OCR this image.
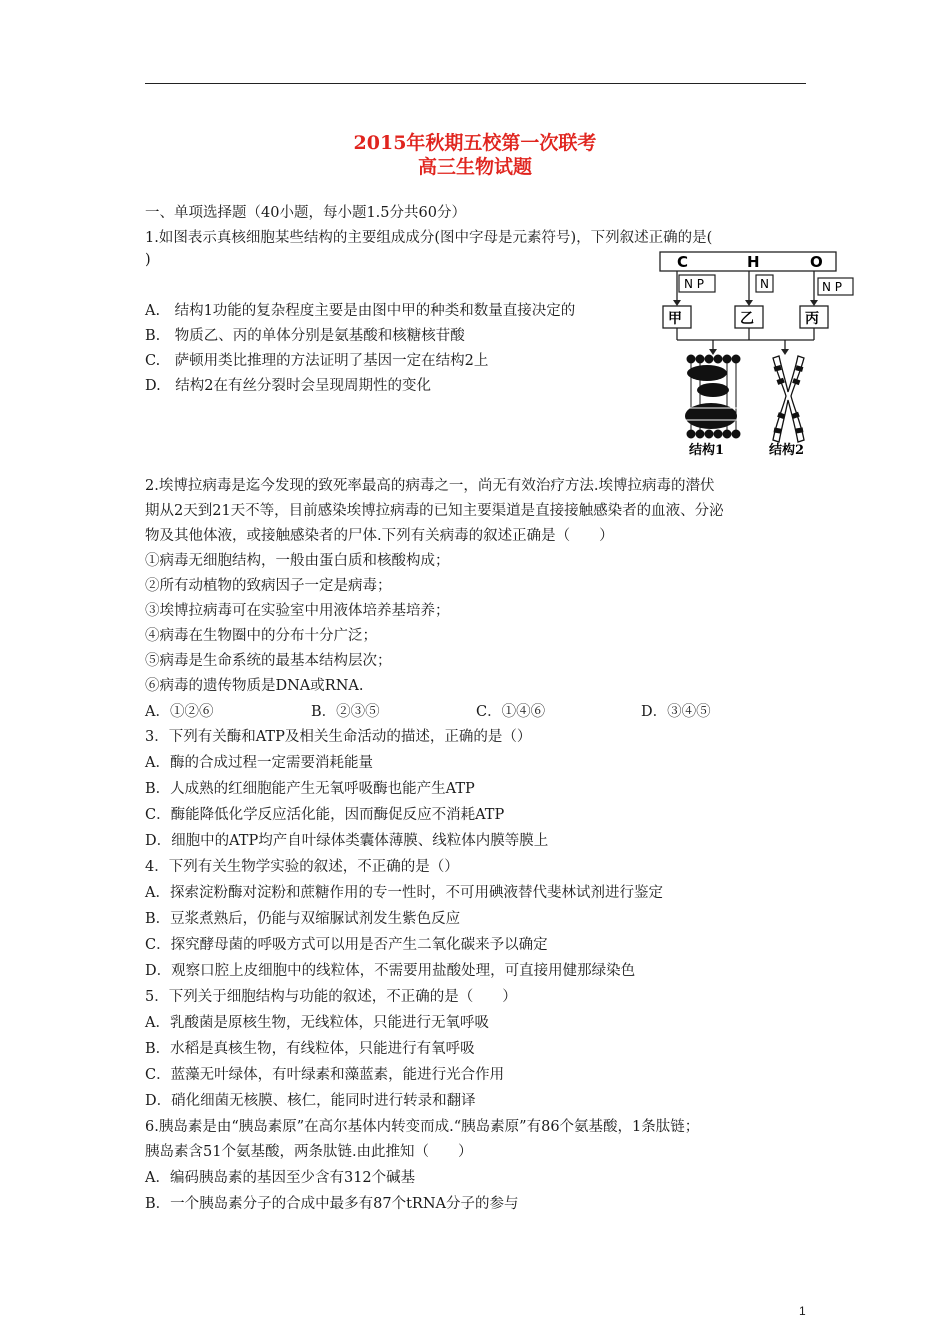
2015年秋期五校第一次联考
高三生物试题
一、单项选择题（40小题，每小题1.5分共60分）
1.如图表示真核细胞某些结构的主要组成成分(图中字母是元素符号)，下列叙述正确的是(
)
A.　结构1功能的复杂程度主要是由图中甲的种类和数量直接决定的
B.　物质乙、丙的单体分别是氨基酸和核糖核苷酸
C.　萨顿用类比推理的方法证明了基因一定在结构2上
D.　结构2在有丝分裂时会呈现周期性的变化
C	H	O
N P	N	N P
甲	乙	丙
结构1	结构2
2.埃博拉病毒是迄今发现的致死率最高的病毒之一，尚无有效治疗方法.埃博拉病毒的潜伏
期从2天到21天不等，目前感染埃博拉病毒的已知主要渠道是直接接触感染者的血液、分泌
物及其他体液，或接触感染者的尸体.下列有关病毒的叙述正确是（　　）
①病毒无细胞结构，一般由蛋白质和核酸构成；
②所有动植物的致病因子一定是病毒；
③埃博拉病毒可在实验室中用液体培养基培养；
④病毒在生物圈中的分布十分广泛；
⑤病毒是生命系统的最基本结构层次；
⑥病毒的遗传物质是DNA或RNA.
A．①②⑥	B．②③⑤	C．①④⑥	D．③④⑤
3．下列有关酶和ATP及相关生命活动的描述，正确的是（）
A．酶的合成过程一定需要消耗能量
B．人成熟的红细胞能产生无氧呼吸酶也能产生ATP
C．酶能降低化学反应活化能，因而酶促反应不消耗ATP
D．细胞中的ATP均产自叶绿体类囊体薄膜、线粒体内膜等膜上
4．下列有关生物学实验的叙述，不正确的是（）
A．探索淀粉酶对淀粉和蔗糖作用的专一性时，不可用碘液替代斐林试剂进行鉴定
B．豆浆煮熟后，仍能与双缩脲试剂发生紫色反应
C．探究酵母菌的呼吸方式可以用是否产生二氧化碳来予以确定
D．观察口腔上皮细胞中的线粒体，不需要用盐酸处理，可直接用健那绿染色
5．下列关于细胞结构与功能的叙述，不正确的是（　　）
A．乳酸菌是原核生物，无线粒体，只能进行无氧呼吸
B．水稻是真核生物，有线粒体，只能进行有氧呼吸
C．蓝藻无叶绿体，有叶绿素和藻蓝素，能进行光合作用
D．硝化细菌无核膜、核仁，能同时进行转录和翻译
6.胰岛素是由“胰岛素原”在高尔基体内转变而成.“胰岛素原”有86个氨基酸，1条肽链；
胰岛素含51个氨基酸，两条肽链.由此推知（　　）
A．编码胰岛素的基因至少含有312个碱基
B．一个胰岛素分子的合成中最多有87个tRNA分子的参与
1
